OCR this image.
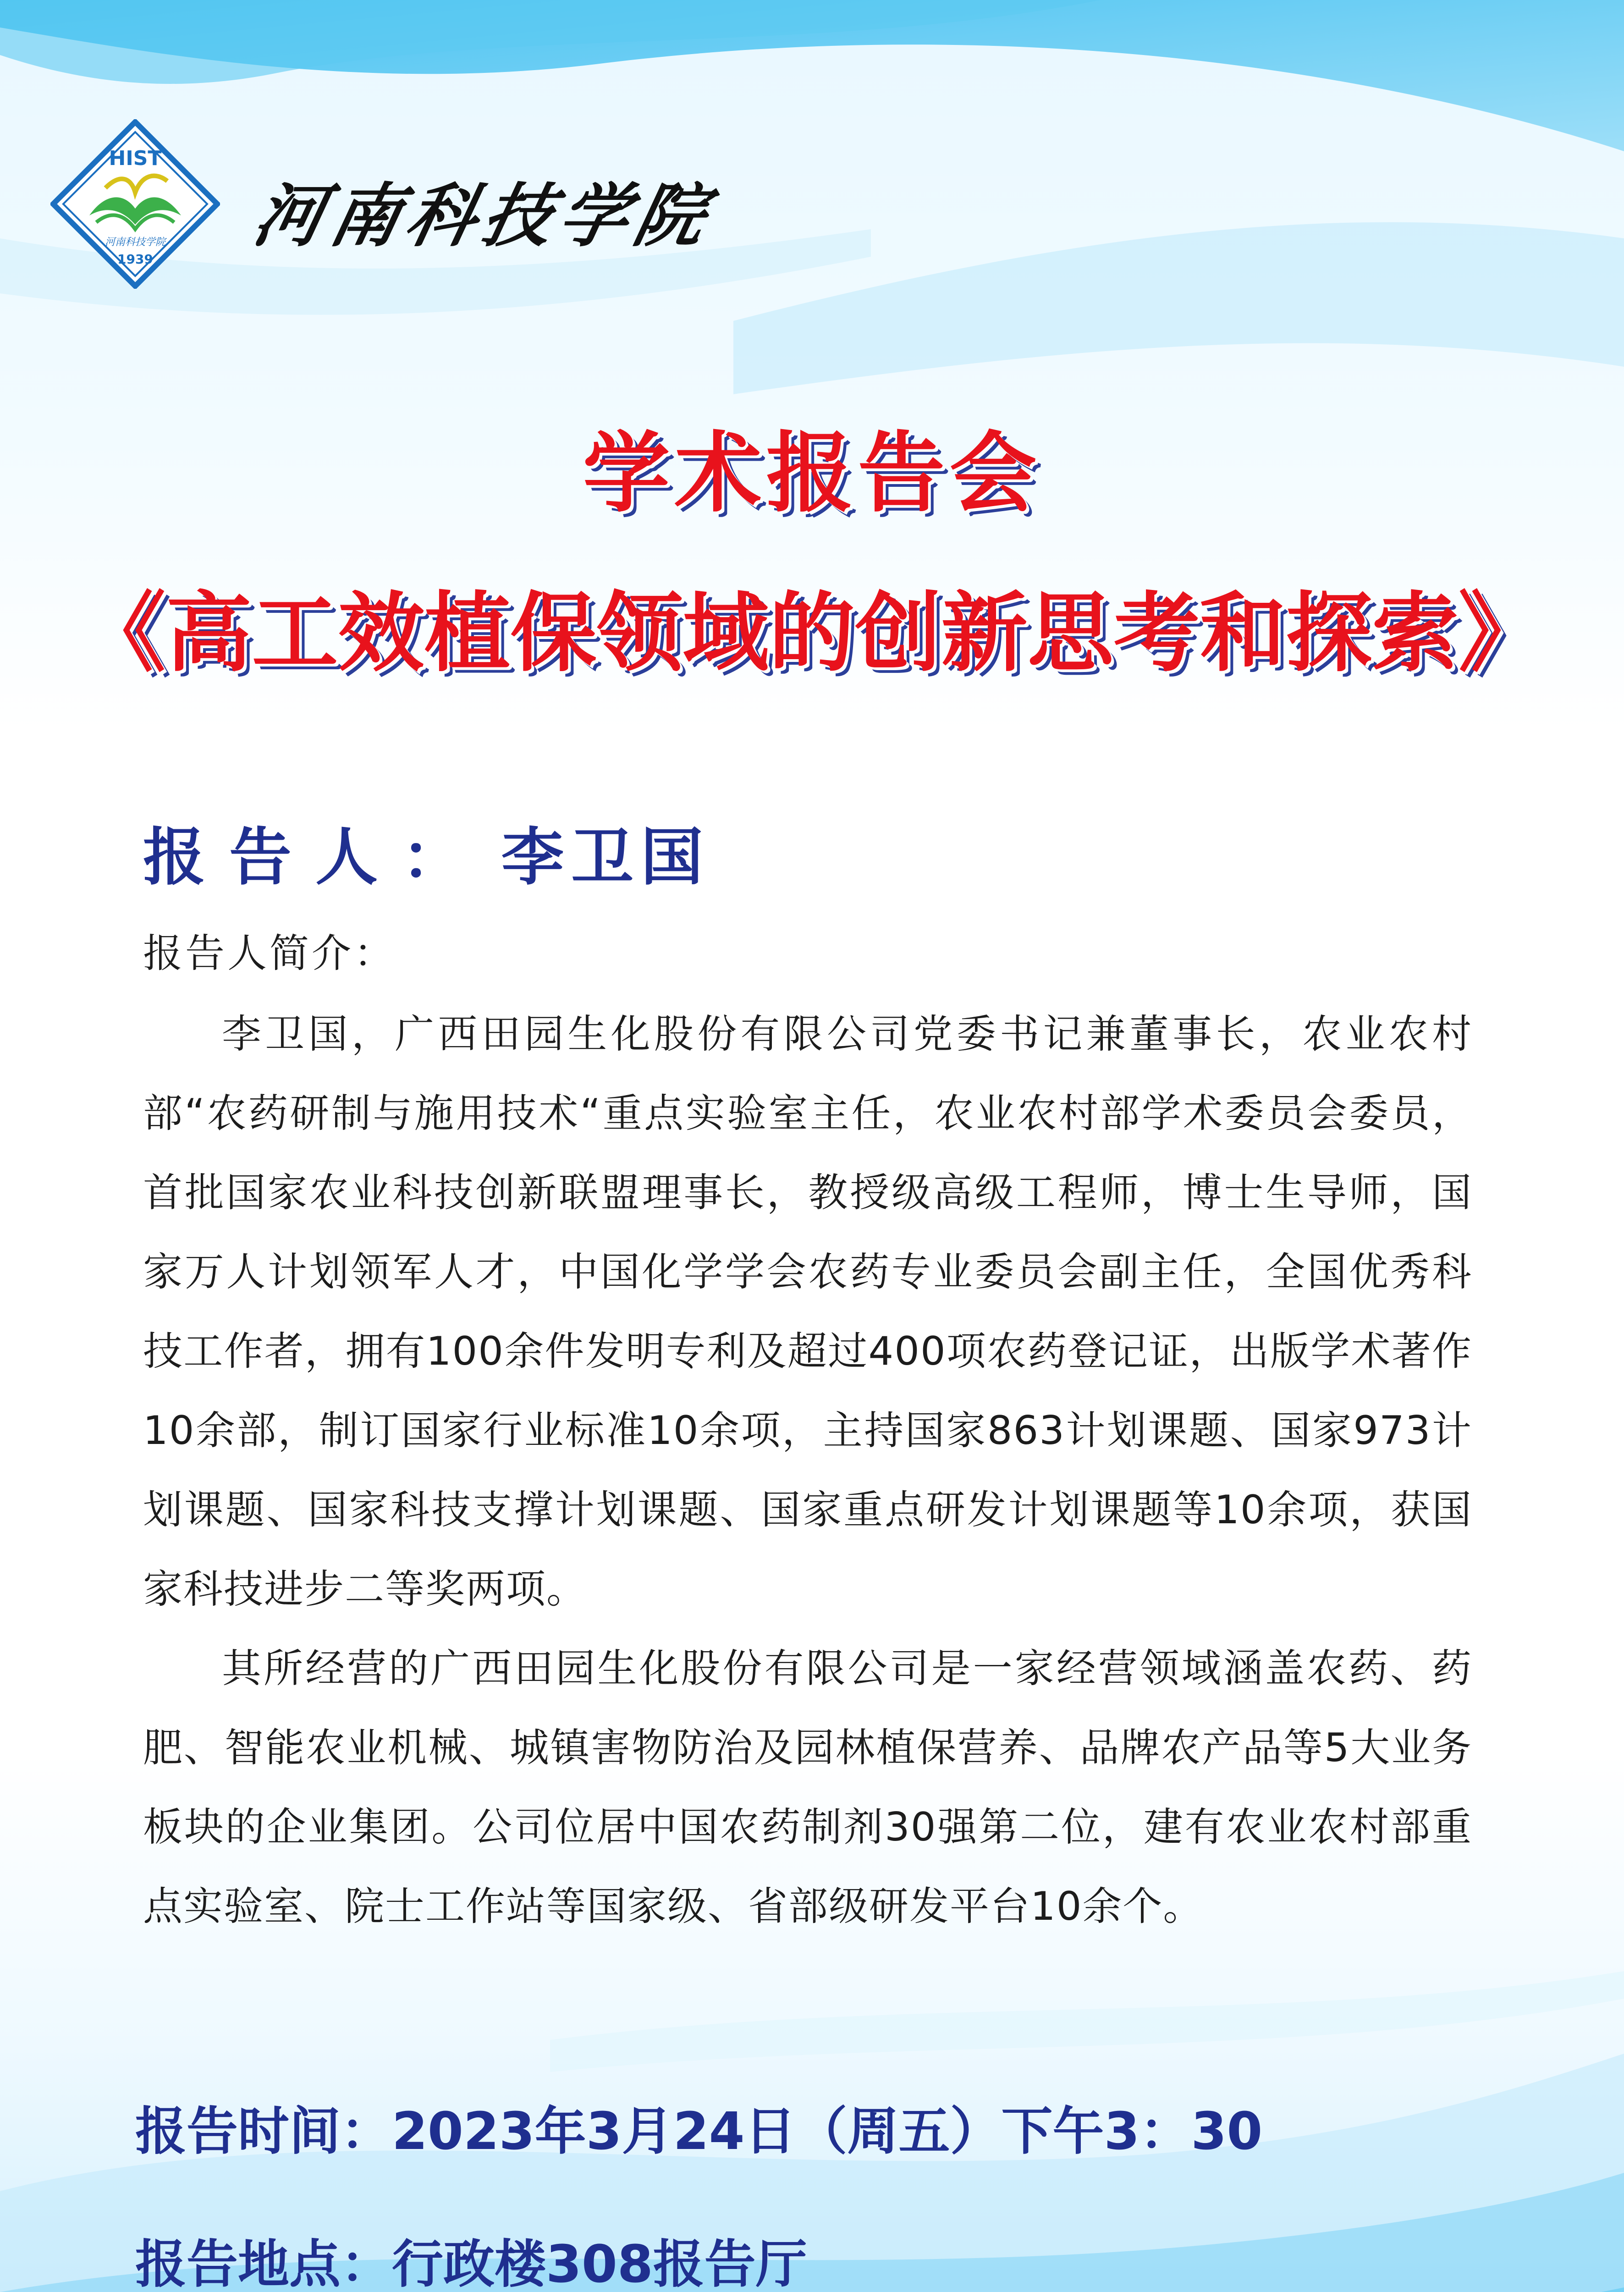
HIST
河南科技学院
1939
河南科技学院
学术报告会
《高工效植保领域的创新思考和探索》
报告人： 李卫国
报告人简介：

李卫国，广西田园生化股份有限公司党委书记兼董事长，农业农村部“农药研制与施用技术“重点实验室主任，农业农村部学术委员会委员，首批国家农业科技创新联盟理事长，教授级高级工程师，博士生导师，国家万人计划领军人才，中国化学学会农药专业委员会副主任，全国优秀科技工作者，拥有100余件发明专利及超过400项农药登记证，出版学术著作10余部，制订国家行业标准10余项，主持国家863计划课题、国家973计划课题、国家科技支撑计划课题、国家重点研发计划课题等10余项，获国家科技进步二等奖两项。

其所经营的广西田园生化股份有限公司是一家经营领域涵盖农药、药肥、智能农业机械、城镇害物防治及园林植保营养、品牌农产品等5大业务板块的企业集团。公司位居中国农药制剂30强第二位，建有农业农村部重点实验室、院士工作站等国家级、省部级研发平台10余个。

报告时间：2023年3月24日（周五）下午3：30
报告地点：行政楼308报告厅
